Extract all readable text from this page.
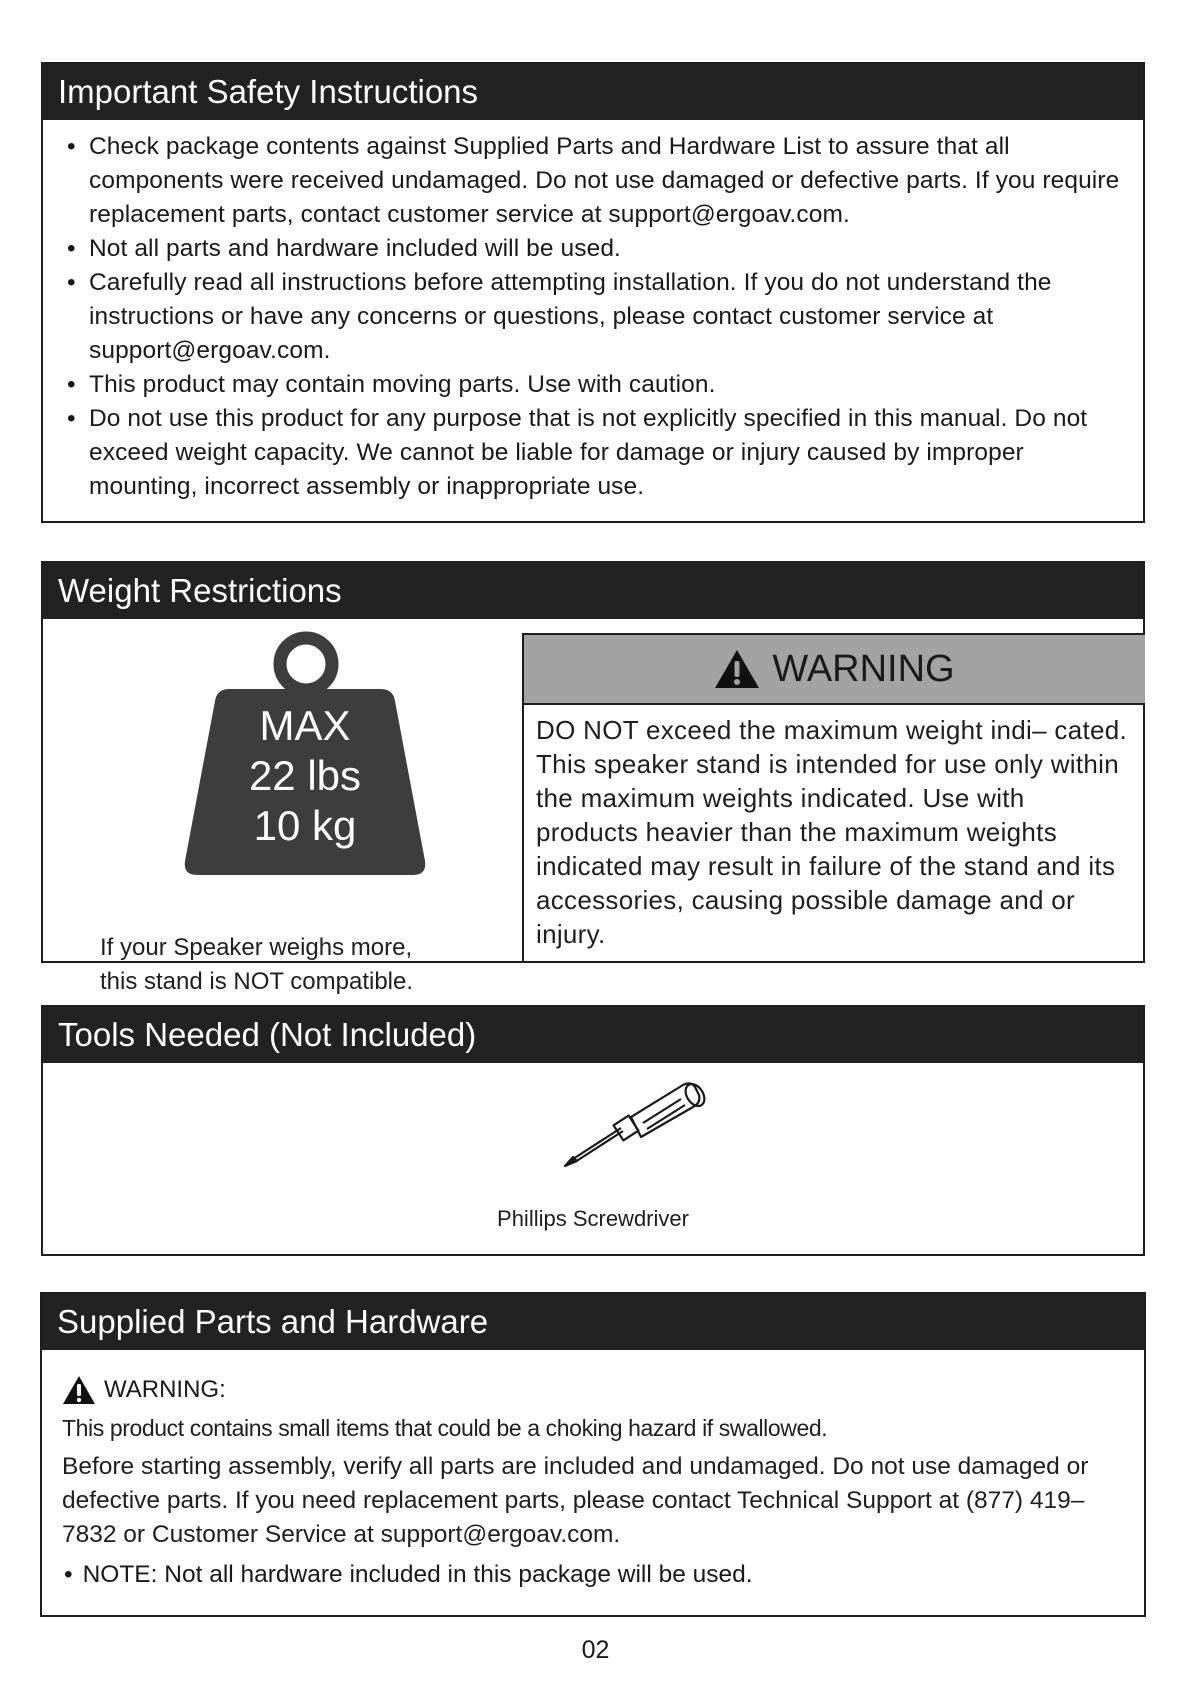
Important Safety Instructions
• Check package contents against Supplied Parts and Hardware List to assure that all components were received undamaged. Do not use damaged or defective parts. If you require replacement parts, contact customer service at support@ergoav.com.
• Not all parts and hardware included will be used.
• Carefully read all instructions before attempting installation. If you do not understand the instructions or have any concerns or questions, please contact customer service at support@ergoav.com.
• This product may contain moving parts. Use with caution.
• Do not use this product for any purpose that is not explicitly specified in this manual. Do not exceed weight capacity. We cannot be liable for damage or injury caused by improper mounting, incorrect assembly or inappropriate use.
Weight Restrictions
MAX
22 lbs
10 kg
If your Speaker weighs more,
this stand is NOT compatible.
WARNING
DO NOT exceed the maximum weight indi– cated. This speaker stand is intended for use only within the maximum weights indicated. Use with products heavier than the maximum weights indicated may result in failure of the stand and its accessories, causing possible damage and or injury.
Tools Needed (Not Included)
Phillips Screwdriver
Supplied Parts and Hardware
WARNING:
This product contains small items that could be a choking hazard if swallowed.
Before starting assembly, verify all parts are included and undamaged. Do not use damaged or defective parts. If you need replacement parts, please contact Technical Support at (877) 419–7832 or Customer Service at support@ergoav.com.
• NOTE: Not all hardware included in this package will be used.
02
